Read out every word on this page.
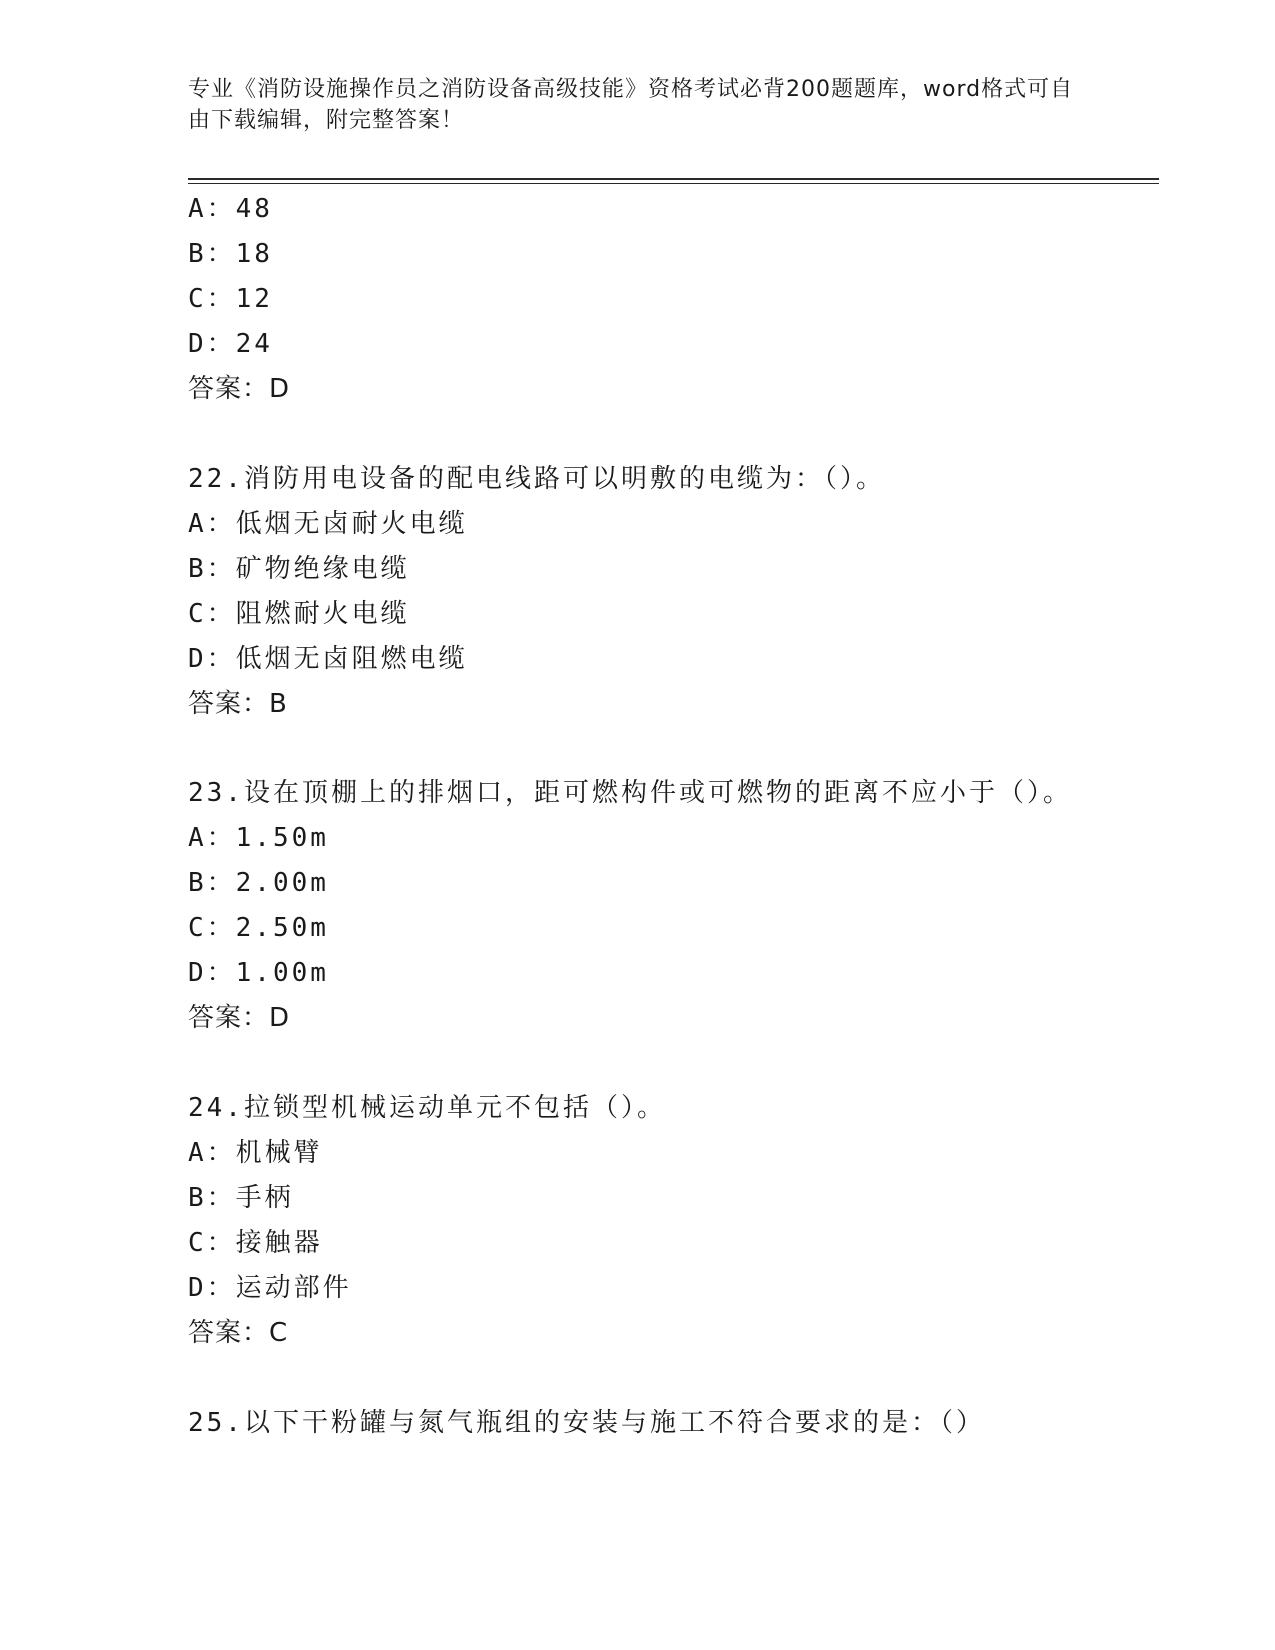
专业《消防设施操作员之消防设备高级技能》资格考试必背200题题库，word格式可自由下载编辑，附完整答案！
A：48
B：18
C：12
D：24
答案：D
22.消防用电设备的配电线路可以明敷的电缆为：（）。
A：低烟无卤耐火电缆
B：矿物绝缘电缆
C：阻燃耐火电缆
D：低烟无卤阻燃电缆
答案：B
23.设在顶棚上的排烟口，距可燃构件或可燃物的距离不应小于（）。
A：1.50m
B：2.00m
C：2.50m
D：1.00m
答案：D
24.拉锁型机械运动单元不包括（）。
A：机械臂
B：手柄
C：接触器
D：运动部件
答案：C
25.以下干粉罐与氮气瓶组的安装与施工不符合要求的是：（）
